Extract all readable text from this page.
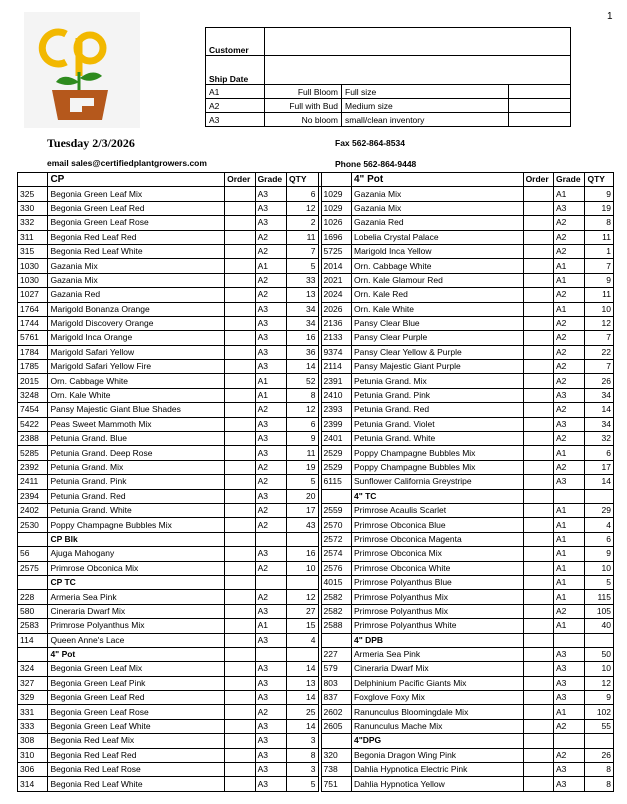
1
Customer			
Ship Date			
A1	Full Bloom	Full size	
A2	Full with Bud	Medium size	
A3	No bloom	small/clean inventory	
Tuesday 2/3/2026	Fax 562-864-8534
email sales@certifiedplantgrowers.com	Phone 562-864-9448
	CP	Order	Grade	QTY			4" Pot	Order	Grade	QTY
325	Begonia Green Leaf Mix		A3	6		1029	Gazania Mix		A1	9
330	Begonia Green Leaf Red		A3	12		1029	Gazania Mix		A3	19
332	Begonia Green Leaf Rose		A3	2		1026	Gazania Red		A2	8
311	Begonia Red Leaf Red		A2	11		1696	Lobelia Crystal Palace		A2	11
315	Begonia Red Leaf White		A2	7		5725	Marigold Inca Yellow		A2	1
1030	Gazania Mix		A1	5		2014	Orn. Cabbage White		A1	7
1030	Gazania Mix		A2	33		2021	Orn. Kale Glamour Red		A1	9
1027	Gazania Red		A2	13		2024	Orn. Kale Red		A2	11
1764	Marigold Bonanza Orange		A3	34		2026	Orn. Kale White		A1	10
1744	Marigold Discovery Orange		A3	34		2136	Pansy Clear Blue		A2	12
5761	Marigold Inca Orange		A3	16		2133	Pansy Clear Purple		A2	7
1784	Marigold Safari Yellow		A3	36		9374	Pansy Clear Yellow & Purple		A2	22
1785	Marigold Safari Yellow Fire		A3	14		2114	Pansy Majestic Giant Purple		A2	7
2015	Orn. Cabbage White		A1	52		2391	Petunia Grand. Mix		A2	26
3248	Orn. Kale White		A1	8		2410	Petunia Grand. Pink		A3	34
7454	Pansy Majestic Giant Blue Shades		A2	12		2393	Petunia Grand. Red		A2	14
5422	Peas Sweet Mammoth Mix		A3	6		2399	Petunia Grand. Violet		A3	34
2388	Petunia Grand. Blue		A3	9		2401	Petunia Grand. White		A2	32
5285	Petunia Grand. Deep Rose		A3	11		2529	Poppy Champagne Bubbles Mix		A1	6
2392	Petunia Grand. Mix		A2	19		2529	Poppy Champagne Bubbles Mix		A2	17
2411	Petunia Grand. Pink		A2	5		6115	Sunflower California Greystripe		A3	14
2394	Petunia Grand. Red		A3	20			4" TC			
2402	Petunia Grand. White		A2	17		2559	Primrose Acaulis Scarlet		A1	29
2530	Poppy Champagne Bubbles Mix		A2	43		2570	Primrose Obconica Blue		A1	4
	CP Blk					2572	Primrose Obconica Magenta		A1	6
56	Ajuga Mahogany		A3	16		2574	Primrose Obconica Mix		A1	9
2575	Primrose Obconica Mix		A2	10		2576	Primrose Obconica White		A1	10
	CP TC					4015	Primrose Polyanthus Blue		A1	5
228	Armeria Sea Pink		A2	12		2582	Primrose Polyanthus Mix		A1	115
580	Cineraria Dwarf Mix		A3	27		2582	Primrose Polyanthus Mix		A2	105
2583	Primrose Polyanthus Mix		A1	15		2588	Primrose Polyanthus White		A1	40
114	Queen Anne's Lace		A3	4			4" DPB			
	4" Pot					227	Armeria Sea Pink		A3	50
324	Begonia Green Leaf Mix		A3	14		579	Cineraria Dwarf Mix		A3	10
327	Begonia Green Leaf Pink		A3	13		803	Delphinium Pacific Giants Mix		A3	12
329	Begonia Green Leaf Red		A3	14		837	Foxglove Foxy Mix		A3	9
331	Begonia Green Leaf Rose		A2	25		2602	Ranunculus Bloomingdale Mix		A1	102
333	Begonia Green Leaf White		A3	14		2605	Ranunculus Mache Mix		A2	55
308	Begonia Red Leaf Mix		A3	3			4"DPG			
310	Begonia Red Leaf Red		A3	8		320	Begonia Dragon Wing Pink		A2	26
306	Begonia Red Leaf Rose		A3	3		738	Dahlia Hypnotica Electric Pink		A3	8
314	Begonia Red Leaf White		A3	5		751	Dahlia Hypnotica Yellow		A3	8
